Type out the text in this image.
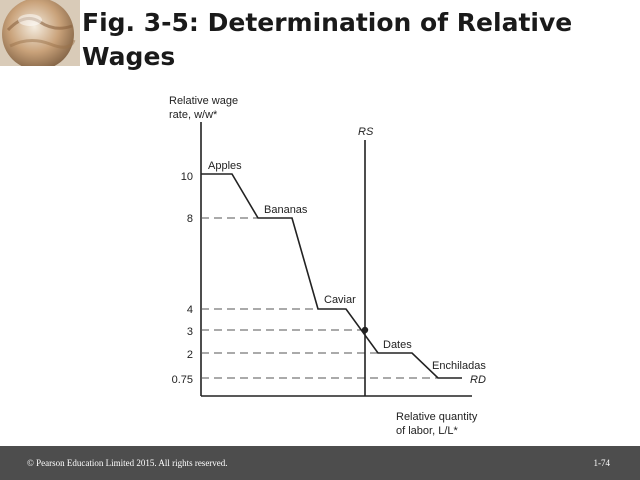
Fig. 3-5: Determination of Relative Wages
Relative wage
rate, w/w*
Relative quantity
of labor, L/L*
10
8
4
3
2
0.75
Apples
Bananas
Caviar
Dates
Enchiladas
RS
RD
© Pearson Education Limited 2015. All rights reserved.	1-74
